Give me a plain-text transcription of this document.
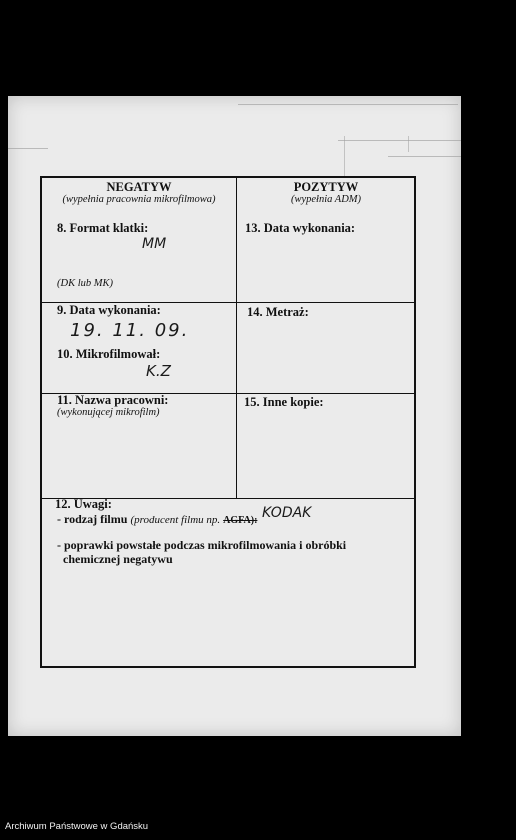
NEGATYW
(wypełnia pracownia mikrofilmowa)
POZYTYW
(wypełnia ADM)
8. Format klatki:
MM
(DK lub MK)
13. Data wykonania:
9. Data wykonania:
19. 11. 09.
14. Metraż:
10. Mikrofilmował:
K.Z
11. Nazwa pracowni:
(wykonującej mikrofilm)
15. Inne kopie:
12. Uwagi:
- rodzaj filmu (producent filmu np. AGFA): KODAK
- poprawki powstałe podczas mikrofilmowania i obróbki
chemicznej negatywu
Archiwum Państwowe w Gdańsku
